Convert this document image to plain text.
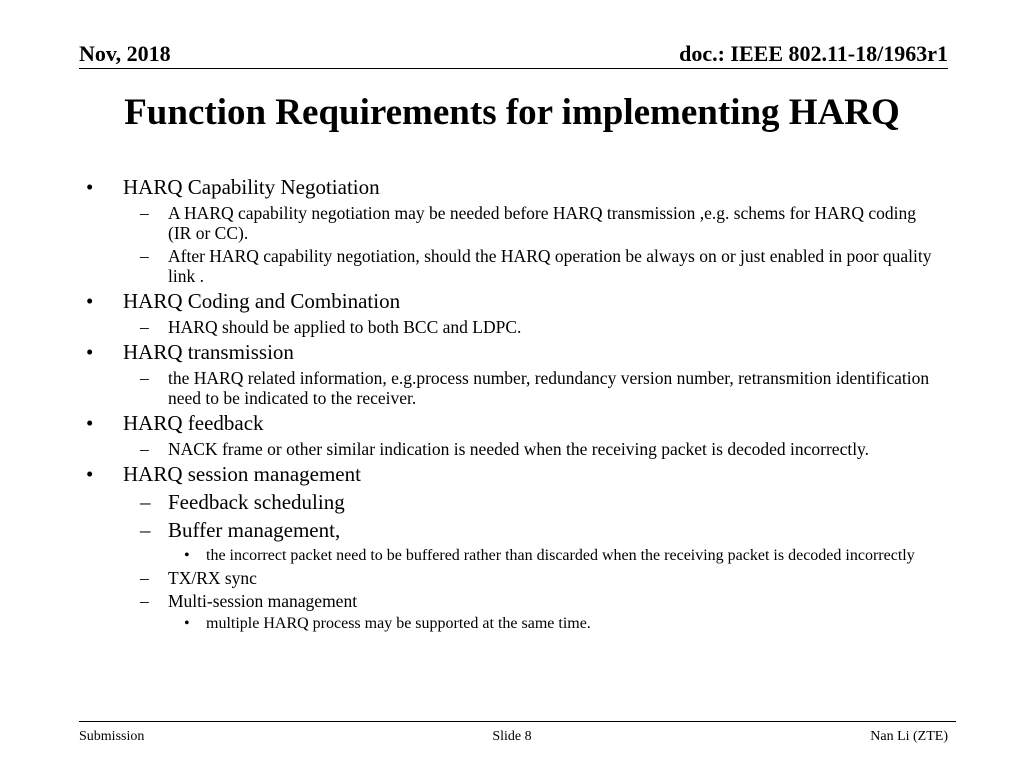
Nov, 2018	doc.: IEEE 802.11-18/1963r1
Function Requirements for implementing HARQ
• HARQ Capability Negotiation
– A HARQ capability negotiation may be needed before HARQ transmission ,e.g. schems for HARQ coding (IR or CC).
– After HARQ capability negotiation, should the HARQ operation be always on or just enabled in poor quality link .
• HARQ Coding and Combination
– HARQ should be applied to both BCC and LDPC.
• HARQ transmission
– the HARQ related information, e.g.process number, redundancy version number, retransmition identification need to be indicated to the receiver.
• HARQ feedback
– NACK frame or other similar indication is needed when the receiving packet is decoded incorrectly.
• HARQ session management
– Feedback scheduling
– Buffer management,
• the incorrect packet need to be buffered rather than discarded when the receiving packet is decoded incorrectly
– TX/RX sync
– Multi-session management
• multiple HARQ process may be supported at the same time.
Submission	Slide 8	Nan Li (ZTE)
